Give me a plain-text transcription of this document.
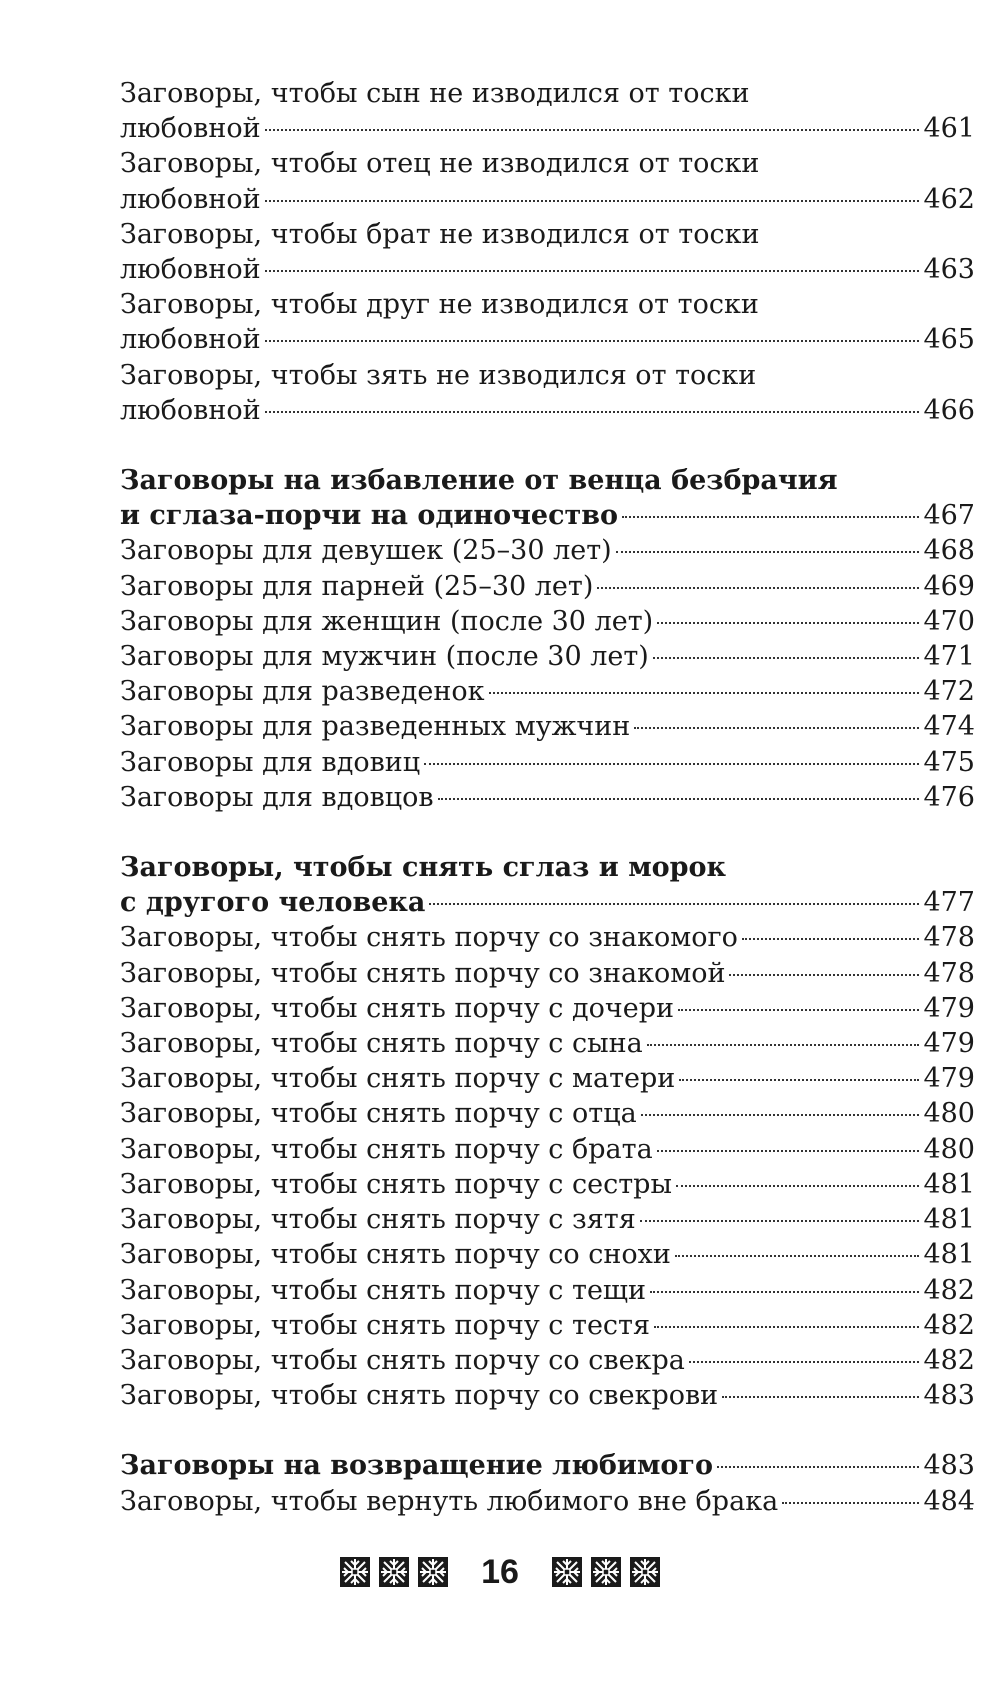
Заговоры, чтобы сын не изводился от тоски
любовной	461
Заговоры, чтобы отец не изводился от тоски
любовной	462
Заговоры, чтобы брат не изводился от тоски
любовной	463
Заговоры, чтобы друг не изводился от тоски
любовной	465
Заговоры, чтобы зять не изводился от тоски
любовной	466
Заговоры на избавление от венца безбрачия
и сглаза-порчи на одиночество	467
Заговоры для девушек (25–30 лет)	468
Заговоры для парней (25–30 лет)	469
Заговоры для женщин (после 30 лет)	470
Заговоры для мужчин (после 30 лет)	471
Заговоры для разведенок	472
Заговоры для разведенных мужчин	474
Заговоры для вдовиц	475
Заговоры для вдовцов	476
Заговоры, чтобы снять сглаз и морок
с другого человека	477
Заговоры, чтобы снять порчу со знакомого	478
Заговоры, чтобы снять порчу со знакомой	478
Заговоры, чтобы снять порчу с дочери	479
Заговоры, чтобы снять порчу с сына	479
Заговоры, чтобы снять порчу с матери	479
Заговоры, чтобы снять порчу с отца	480
Заговоры, чтобы снять порчу с брата	480
Заговоры, чтобы снять порчу с сестры	481
Заговоры, чтобы снять порчу с зятя	481
Заговоры, чтобы снять порчу со снохи	481
Заговоры, чтобы снять порчу с тещи	482
Заговоры, чтобы снять порчу с тестя	482
Заговоры, чтобы снять порчу со свекра	482
Заговоры, чтобы снять порчу со свекрови	483
Заговоры на возвращение любимого	483
Заговоры, чтобы вернуть любимого вне брака	484
16
